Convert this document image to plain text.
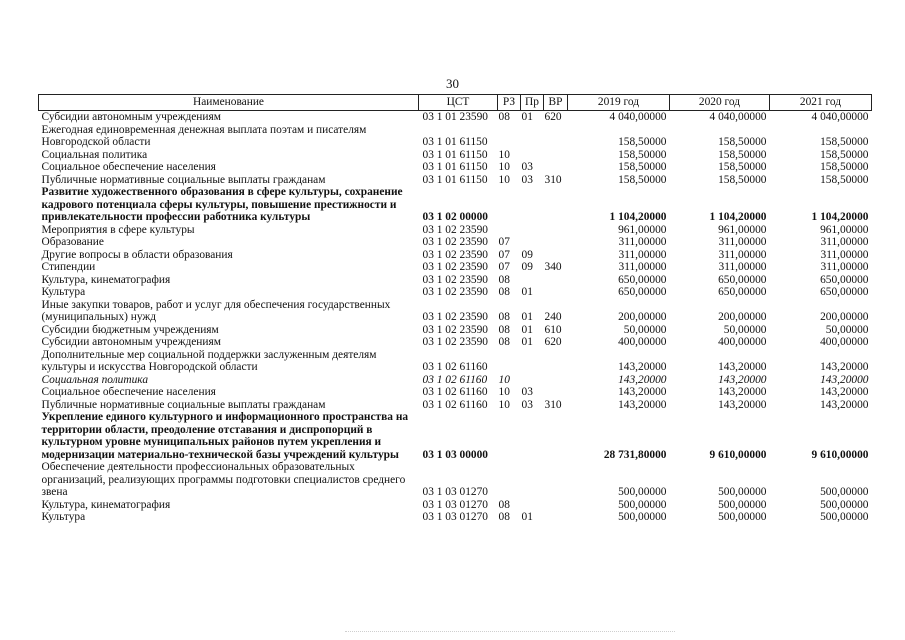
30
Наименование	ЦСТ	РЗ	Пр	ВР	2019 год	2020 год	2021 год
Субсидии автономным учреждениям	03 1 01 23590	08	01	620	4 040,00000	4 040,00000	4 040,00000
Ежегодная единовременная денежная выплата поэтам и писателям Новгородской области	03 1 01 61150				158,50000	158,50000	158,50000
Социальная политика	03 1 01 61150	10			158,50000	158,50000	158,50000
Социальное обеспечение населения	03 1 01 61150	10	03		158,50000	158,50000	158,50000
Публичные нормативные социальные выплаты гражданам	03 1 01 61150	10	03	310	158,50000	158,50000	158,50000
Развитие художественного образования в сфере культуры, сохранение кадрового потенциала сферы культуры, повышение престижности и привлекательности профессии работника культуры	03 1 02 00000				1 104,20000	1 104,20000	1 104,20000
Мероприятия в сфере культуры	03 1 02 23590				961,00000	961,00000	961,00000
Образование	03 1 02 23590	07			311,00000	311,00000	311,00000
Другие вопросы в области образования	03 1 02 23590	07	09		311,00000	311,00000	311,00000
Стипендии	03 1 02 23590	07	09	340	311,00000	311,00000	311,00000
Культура, кинематография	03 1 02 23590	08			650,00000	650,00000	650,00000
Культура	03 1 02 23590	08	01		650,00000	650,00000	650,00000
Иные закупки товаров, работ и услуг для обеспечения государственных (муниципальных) нужд	03 1 02 23590	08	01	240	200,00000	200,00000	200,00000
Субсидии бюджетным учреждениям	03 1 02 23590	08	01	610	50,00000	50,00000	50,00000
Субсидии автономным учреждениям	03 1 02 23590	08	01	620	400,00000	400,00000	400,00000
Дополнительные мер социальной поддержки заслуженным деятелям культуры и искусства Новгородской области	03 1 02 61160				143,20000	143,20000	143,20000
Социальная политика	03 1 02 61160	10			143,20000	143,20000	143,20000
Социальное обеспечение населения	03 1 02 61160	10	03		143,20000	143,20000	143,20000
Публичные нормативные социальные выплаты гражданам	03 1 02 61160	10	03	310	143,20000	143,20000	143,20000
Укрепление единого культурного и информационного пространства на территории области, преодоление отставания и диспропорций в культурном уровне муниципальных районов путем укрепления и модернизации материально-технической базы учреждений культуры	03 1 03 00000				28 731,80000	9 610,00000	9 610,00000
Обеспечение деятельности профессиональных образовательных организаций, реализующих программы подготовки специалистов среднего звена	03 1 03 01270				500,00000	500,00000	500,00000
Культура, кинематография	03 1 03 01270	08			500,00000	500,00000	500,00000
Культура	03 1 03 01270	08	01		500,00000	500,00000	500,00000
